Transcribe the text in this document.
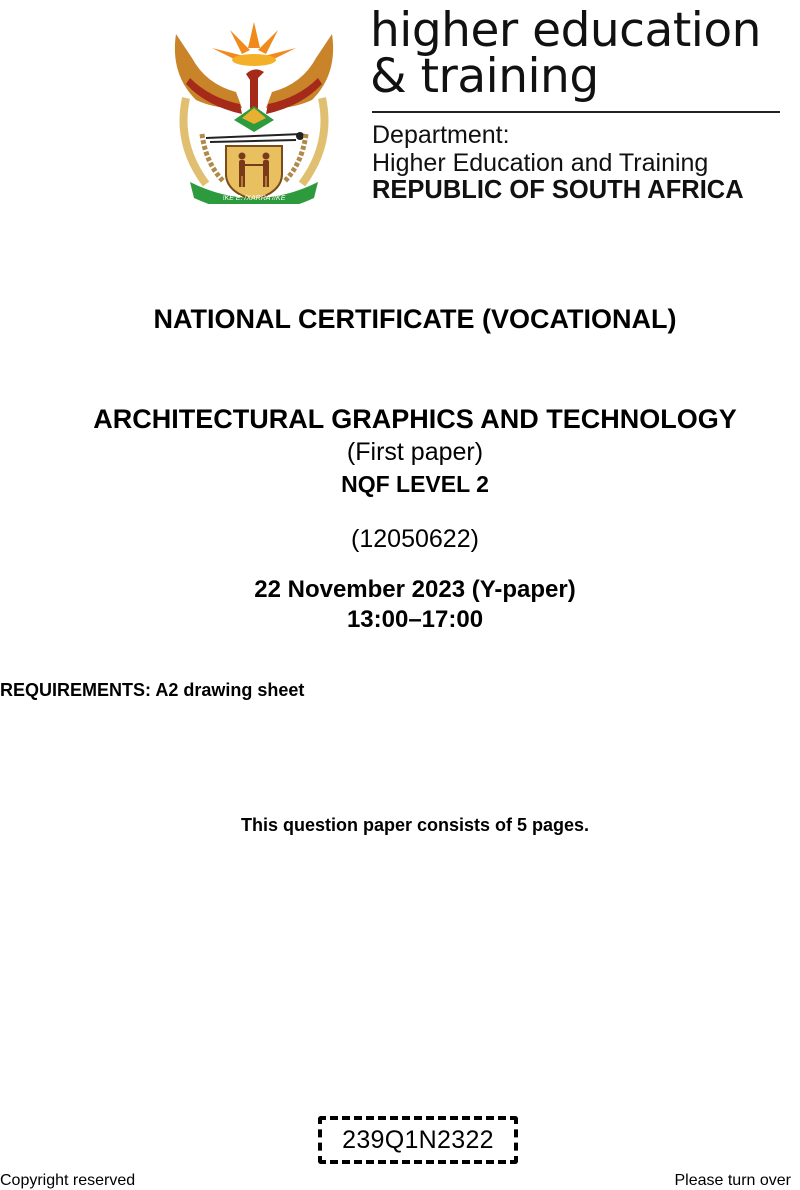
!KE E: /XARRA //KE
higher education
& training
Department:
Higher Education and Training
REPUBLIC OF SOUTH AFRICA
NATIONAL CERTIFICATE (VOCATIONAL)
ARCHITECTURAL GRAPHICS AND TECHNOLOGY
(First paper)
NQF LEVEL 2
(12050622)
22 November 2023 (Y-paper)
13:00–17:00
REQUIREMENTS: A2 drawing sheet
This question paper consists of 5 pages.
239Q1N2322
Copyright reserved	Please turn over
